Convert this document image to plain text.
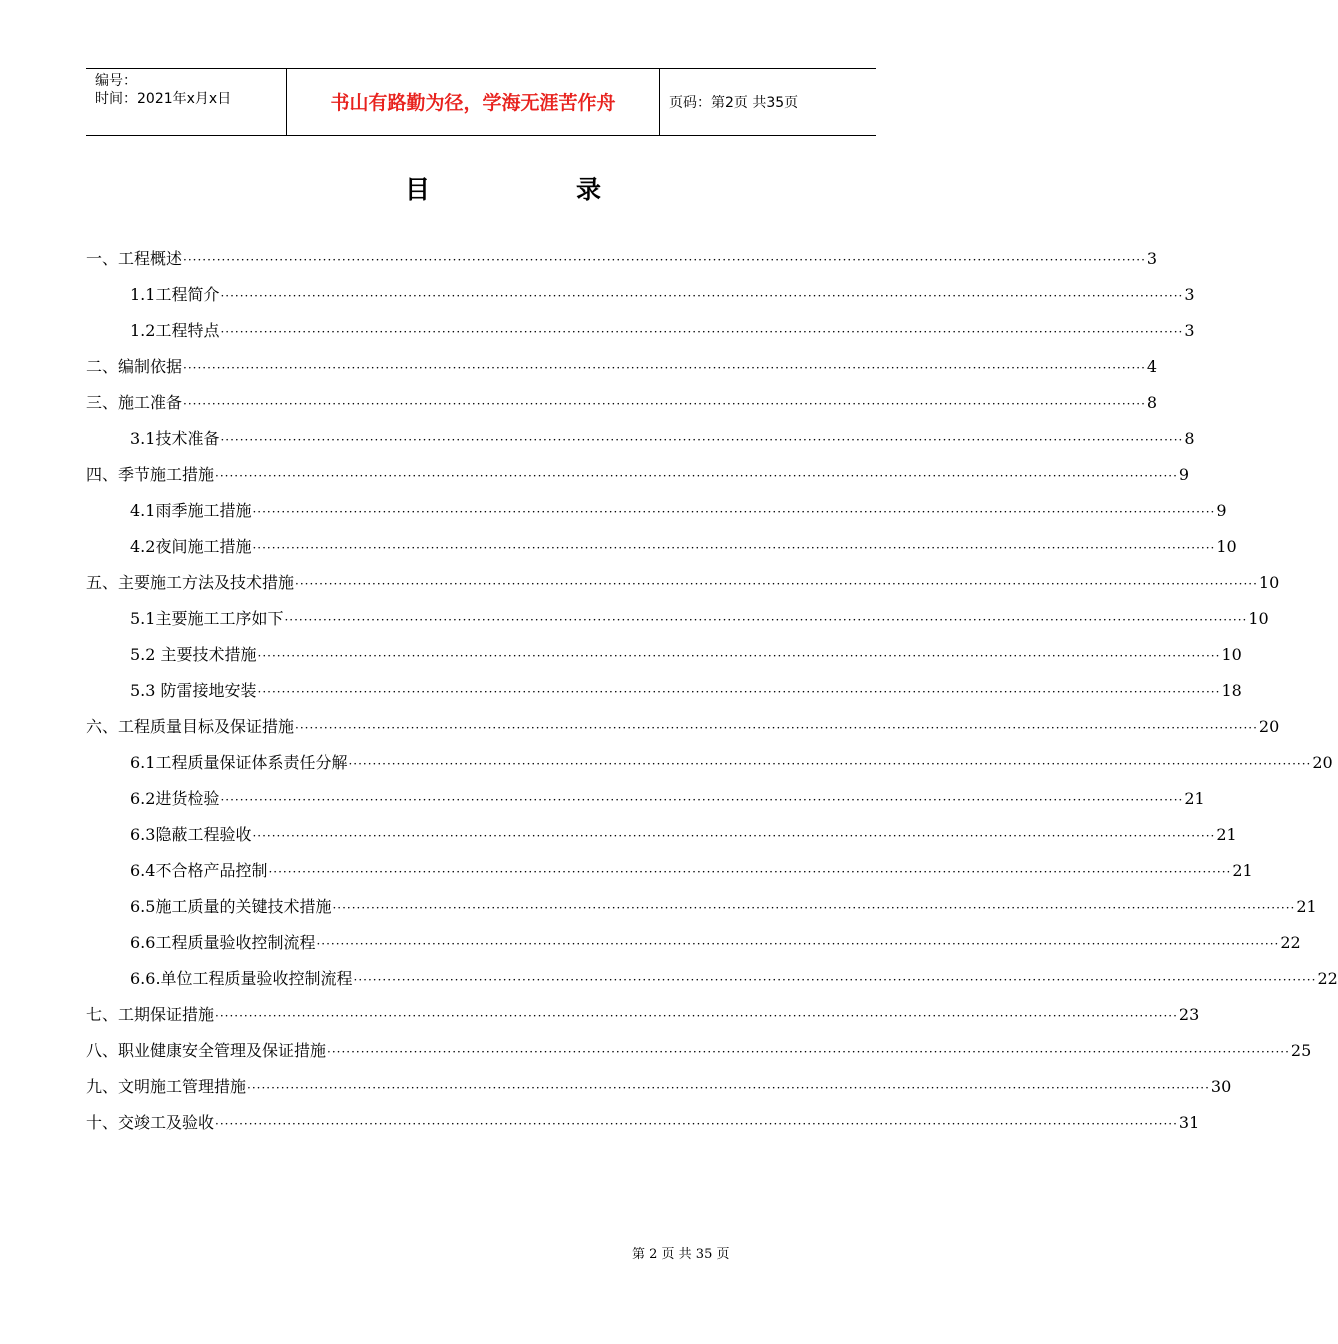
编号：
时间：2021年x月x日	书山有路勤为径，学海无涯苦作舟	页码：第2页 共35页
目	录
一、工程概述 ········································································································································································································ 3
1.1工程简介 ········································································································································································································ 3
1.2工程特点 ········································································································································································································ 3
二、编制依据 ········································································································································································································ 4
三、施工准备 ········································································································································································································ 8
3.1技术准备 ········································································································································································································ 8
四、季节施工措施 ········································································································································································································ 9
4.1雨季施工措施 ········································································································································································································ 9
4.2夜间施工措施 ········································································································································································································ 10
五、主要施工方法及技术措施 ········································································································································································································ 10
5.1主要施工工序如下 ········································································································································································································ 10
5.2 主要技术措施 ········································································································································································································ 10
5.3 防雷接地安装 ········································································································································································································ 18
六、工程质量目标及保证措施 ········································································································································································································ 20
6.1工程质量保证体系责任分解 ········································································································································································································ 20
6.2进货检验 ········································································································································································································ 21
6.3隐蔽工程验收 ········································································································································································································ 21
6.4不合格产品控制 ········································································································································································································ 21
6.5施工质量的关键技术措施 ········································································································································································································ 21
6.6工程质量验收控制流程 ········································································································································································································ 22
6.6.单位工程质量验收控制流程 ········································································································································································································ 22
七、工期保证措施 ········································································································································································································ 23
八、职业健康安全管理及保证措施 ········································································································································································································ 25
九、文明施工管理措施 ········································································································································································································ 30
十、交竣工及验收 ········································································································································································································ 31
第 2 页 共 35 页
